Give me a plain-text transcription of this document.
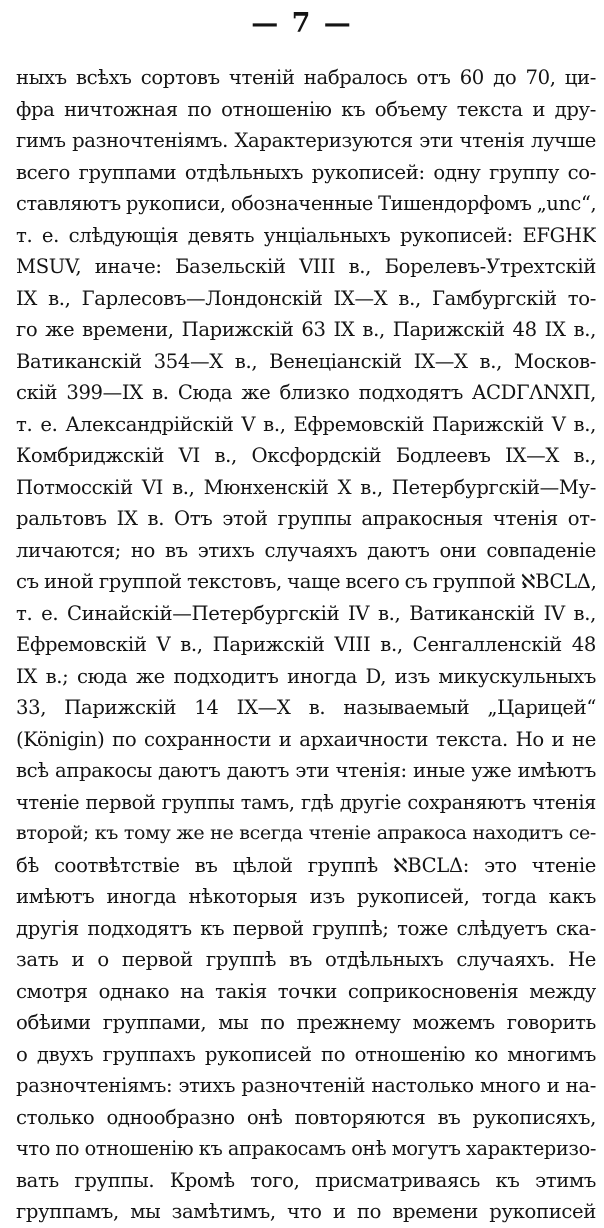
— 7 —
ныхъ всѣхъ сортовъ чтеній набралось отъ 60 до 70, ци-
фра ничтожная по отношенію къ объему текста и дру-
гимъ разночтеніямъ. Характеризуются эти чтенія лучше
всего группами отдѣльныхъ рукописей: одну группу со-
ставляютъ рукописи, обозначенные Тишендорфомъ „unc“,
т. е. слѣдующія девять унціальныхъ рукописей: EFGHK
MSUV, иначе: Базельскій VIII в., Борелевъ-Утрехтскій
IX в., Гарлесовъ—Лондонскій IX—X в., Гамбургскій то-
го же времени, Парижскій 63 IX в., Парижскій 48 IX в.,
Ватиканскій 354—X в., Венеціанскій IX—X в., Москов-
скій 399—IX в. Сюда же близко подходятъ ACDΓΛNXΠ,
т. е. Александрійскій V в., Ефремовскій Парижскій V в.,
Комбриджскій VI в., Оксфордскій Бодлеевъ IX—X в.,
Потмосскій VI в., Мюнхенскій X в., Петербургскій—Му-
ральтовъ IX в. Отъ этой группы апракосныя чтенія от-
личаются; но въ этихъ случаяхъ даютъ они совпаденіе
съ иной группой текстовъ, чаще всего съ группой ℵBCLΔ,
т. е. Синайскій—Петербургскій IV в., Ватиканскій IV в.,
Ефремовскій V в., Парижскій VIII в., Сенгалленскій 48
IX в.; сюда же подходитъ иногда D, изъ микускульныхъ
33, Парижскій 14 IX—X в. называемый „Царицей“
(Königin) по сохранности и архаичности текста. Но и не
всѣ апракосы даютъ даютъ эти чтенія: иные уже имѣютъ
чтеніе первой группы тамъ, гдѣ другіе сохраняютъ чтенія
второй; къ тому же не всегда чтеніе апракоса находитъ се-
бѣ соотвѣтствіе въ цѣлой группѣ ℵBCLΔ: это чтеніе
имѣютъ иногда нѣкоторыя изъ рукописей, тогда какъ
другія подходятъ къ первой группѣ; тоже слѣдуетъ ска-
зать и о первой группѣ въ отдѣльныхъ случаяхъ. Не
смотря однако на такія точки соприкосновенія между
обѣими группами, мы по прежнему можемъ говорить
о двухъ группахъ рукописей по отношенію ко многимъ
разночтеніямъ: этихъ разночтеній настолько много и на-
столько однообразно онѣ повторяются въ рукописяхъ,
что по отношенію къ апракосамъ онѣ могутъ характеризо-
вать группы. Кромѣ того, присматриваясь къ этимъ
группамъ, мы замѣтимъ, что и по времени рукописей
